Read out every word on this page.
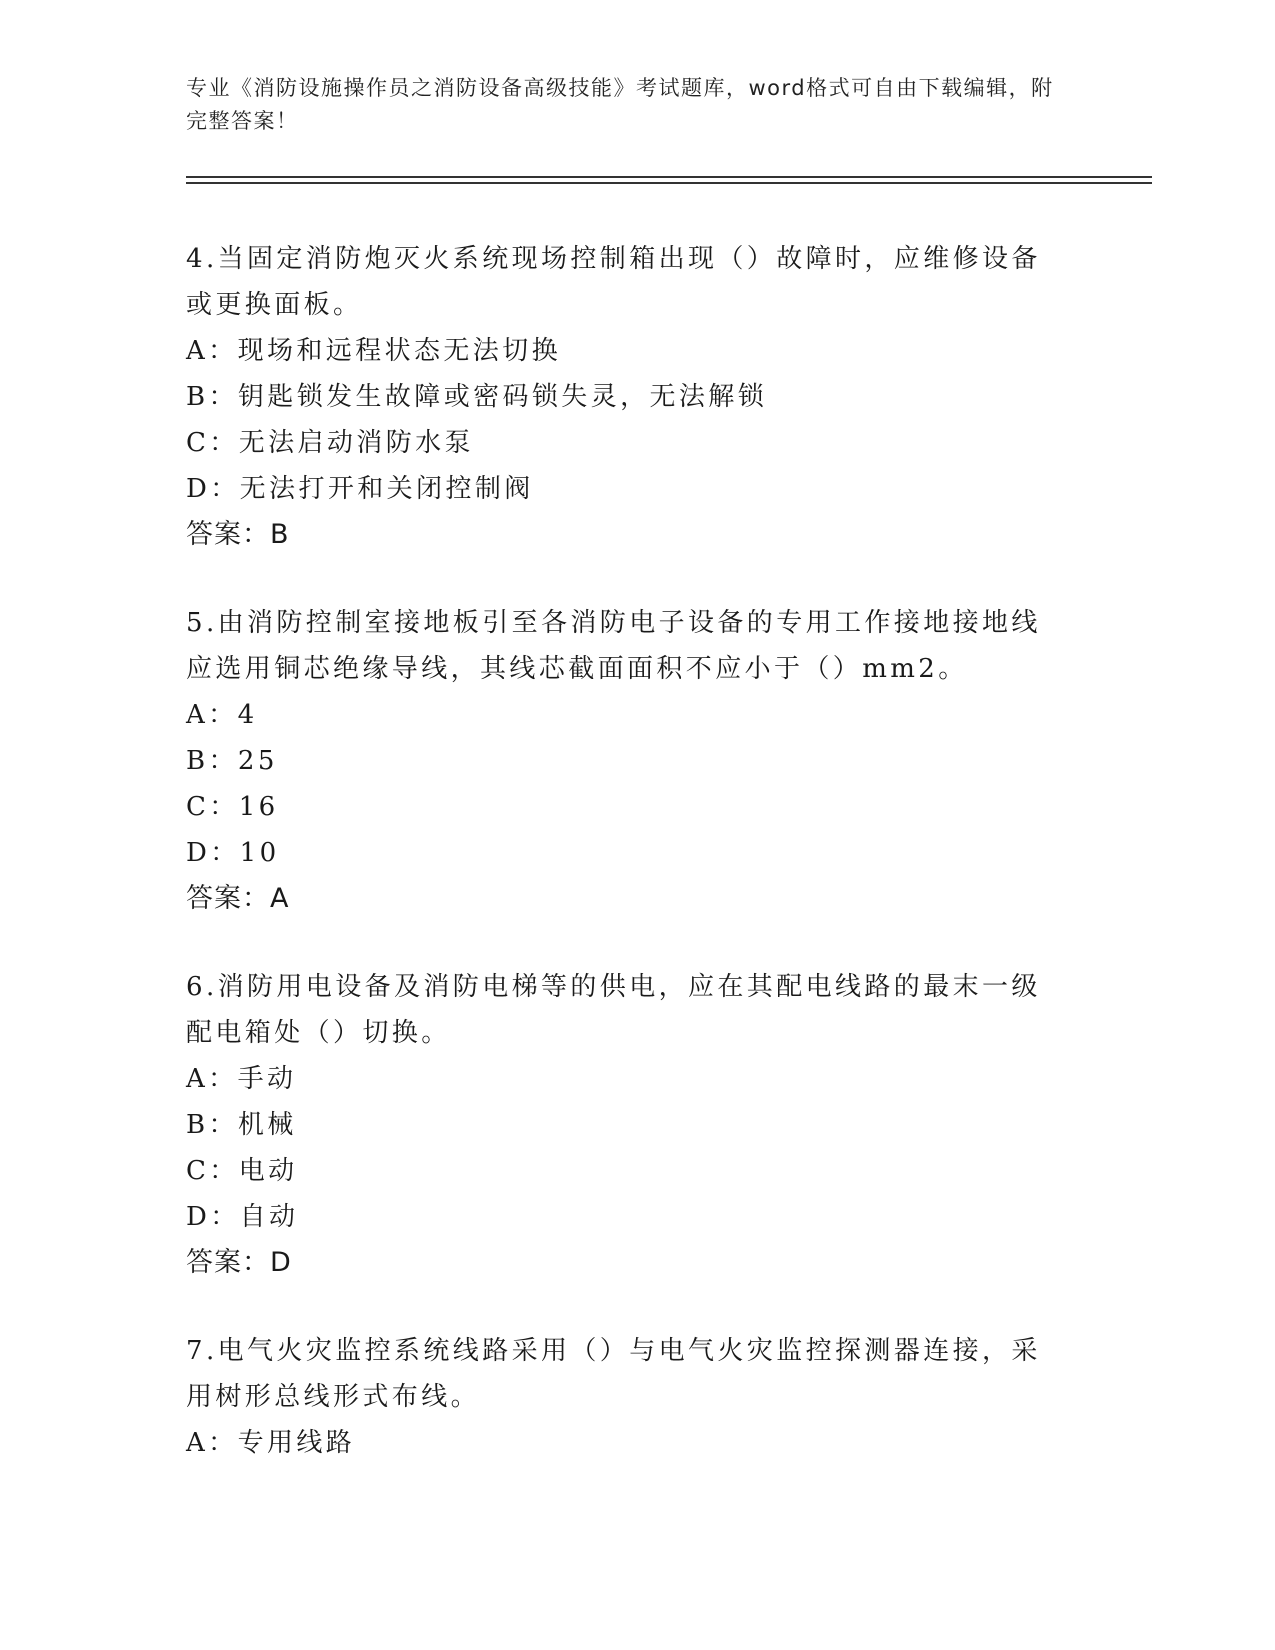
专业《消防设施操作员之消防设备高级技能》考试题库，word格式可自由下载编辑，附完整答案！

4.当固定消防炮灭火系统现场控制箱出现（）故障时，应维修设备或更换面板。

A：现场和远程状态无法切换

B：钥匙锁发生故障或密码锁失灵，无法解锁

C：无法启动消防水泵

D：无法打开和关闭控制阀

答案：B

5.由消防控制室接地板引至各消防电子设备的专用工作接地接地线应选用铜芯绝缘导线，其线芯截面面积不应小于（）mm2。

A：4

B：25

C：16

D：10

答案：A

6.消防用电设备及消防电梯等的供电，应在其配电线路的最末一级配电箱处（）切换。

A：手动

B：机械

C：电动

D：自动

答案：D

7.电气火灾监控系统线路采用（）与电气火灾监控探测器连接，采用树形总线形式布线。

A：专用线路
